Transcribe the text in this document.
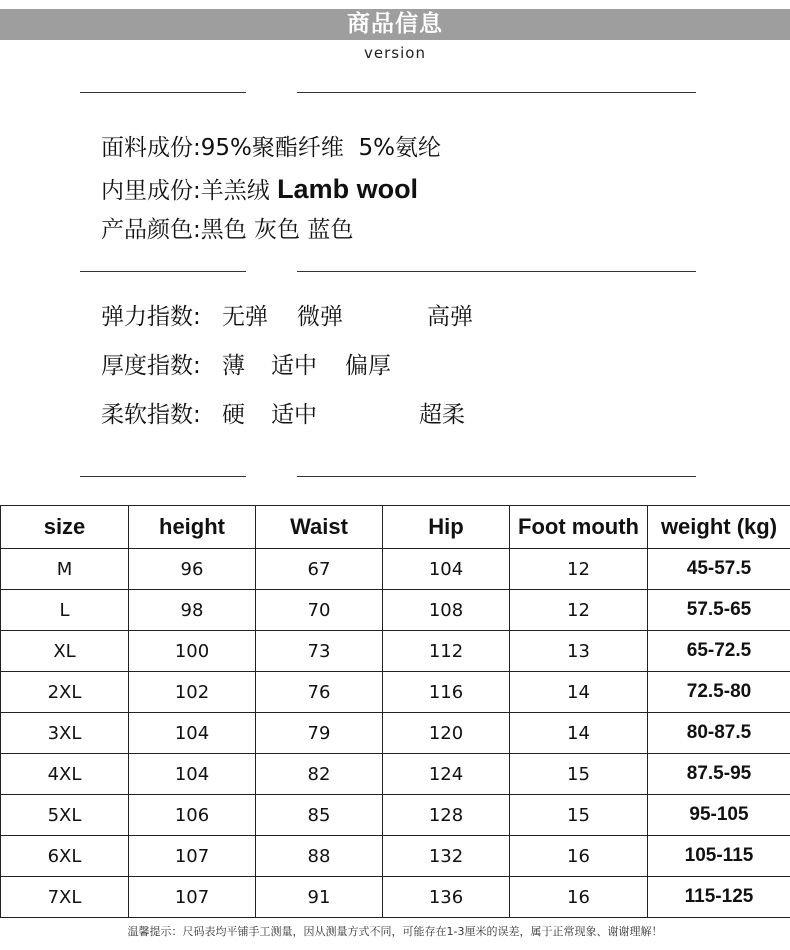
商品信息
version
面料成份:95%聚酯纤维  5%氨纶
内里成份:羊羔绒 Lamb wool
产品颜色:黑色 灰色 蓝色
弹力指数: 无弹 微弹	高弹
厚度指数: 薄 适中 偏厚
柔软指数: 硬 适中	超柔
size	height	Waist	Hip	Foot mouth	weight (kg)
M	96	67	104	12	45-57.5
L	98	70	108	12	57.5-65
XL	100	73	112	13	65-72.5
2XL	102	76	116	14	72.5-80
3XL	104	79	120	14	80-87.5
4XL	104	82	124	15	87.5-95
5XL	106	85	128	15	95-105
6XL	107	88	132	16	105-115
7XL	107	91	136	16	115-125
温馨提示：尺码表均平铺手工测量，因从测量方式不同，可能存在1-3厘米的误差，属于正常现象、谢谢理解！
